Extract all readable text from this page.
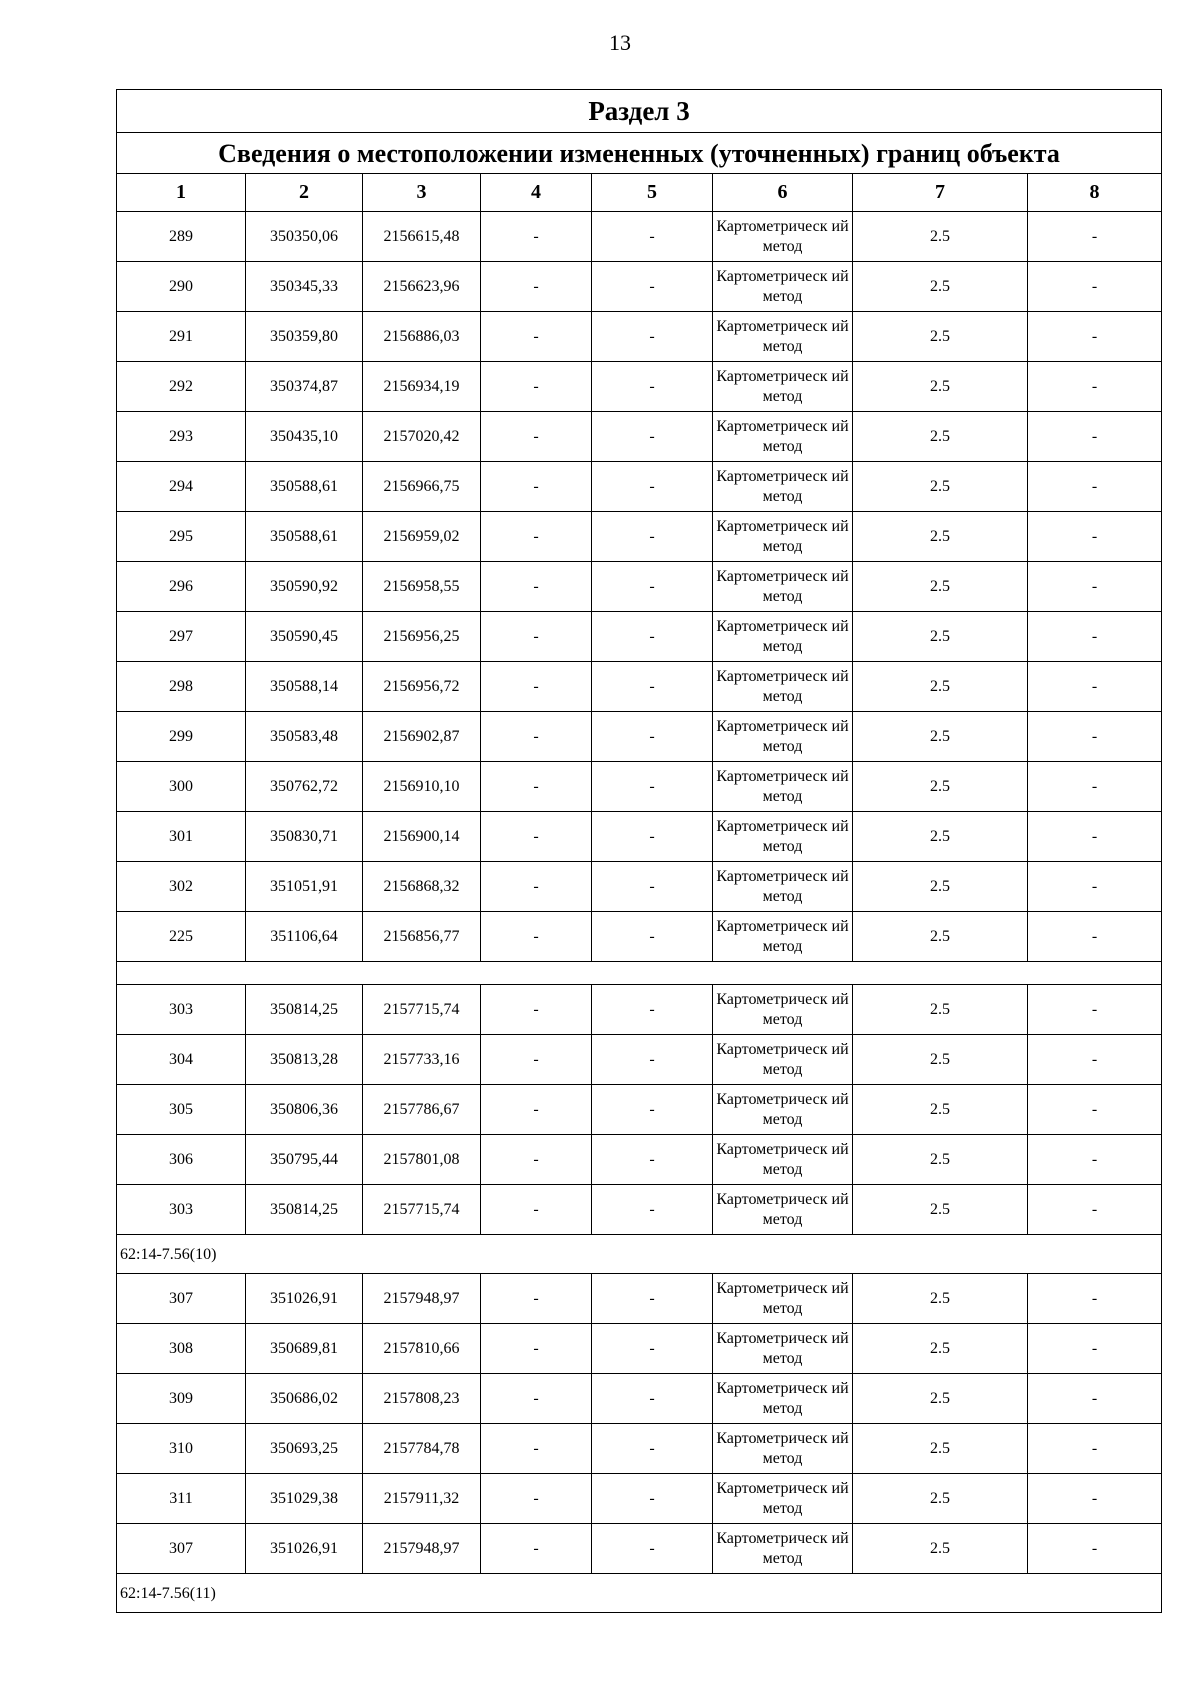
13
Раздел 3							
Сведения о местоположении измененных (уточненных) границ объекта							
1	2	3	4	5	6	7	8
289	350350,06	2156615,48	-	-	Картометрическ ий метод	2.5	-
290	350345,33	2156623,96	-	-	Картометрическ ий метод	2.5	-
291	350359,80	2156886,03	-	-	Картометрическ ий метод	2.5	-
292	350374,87	2156934,19	-	-	Картометрическ ий метод	2.5	-
293	350435,10	2157020,42	-	-	Картометрическ ий метод	2.5	-
294	350588,61	2156966,75	-	-	Картометрическ ий метод	2.5	-
295	350588,61	2156959,02	-	-	Картометрическ ий метод	2.5	-
296	350590,92	2156958,55	-	-	Картометрическ ий метод	2.5	-
297	350590,45	2156956,25	-	-	Картометрическ ий метод	2.5	-
298	350588,14	2156956,72	-	-	Картометрическ ий метод	2.5	-
299	350583,48	2156902,87	-	-	Картометрическ ий метод	2.5	-
300	350762,72	2156910,10	-	-	Картометрическ ий метод	2.5	-
301	350830,71	2156900,14	-	-	Картометрическ ий метод	2.5	-
302	351051,91	2156868,32	-	-	Картометрическ ий метод	2.5	-
225	351106,64	2156856,77	-	-	Картометрическ ий метод	2.5	-

303	350814,25	2157715,74	-	-	Картометрическ ий метод	2.5	-
304	350813,28	2157733,16	-	-	Картометрическ ий метод	2.5	-
305	350806,36	2157786,67	-	-	Картометрическ ий метод	2.5	-
306	350795,44	2157801,08	-	-	Картометрическ ий метод	2.5	-
303	350814,25	2157715,74	-	-	Картометрическ ий метод	2.5	-
62:14-7.56(10)							
307	351026,91	2157948,97	-	-	Картометрическ ий метод	2.5	-
308	350689,81	2157810,66	-	-	Картометрическ ий метод	2.5	-
309	350686,02	2157808,23	-	-	Картометрическ ий метод	2.5	-
310	350693,25	2157784,78	-	-	Картометрическ ий метод	2.5	-
311	351029,38	2157911,32	-	-	Картометрическ ий метод	2.5	-
307	351026,91	2157948,97	-	-	Картометрическ ий метод	2.5	-
62:14-7.56(11)							
